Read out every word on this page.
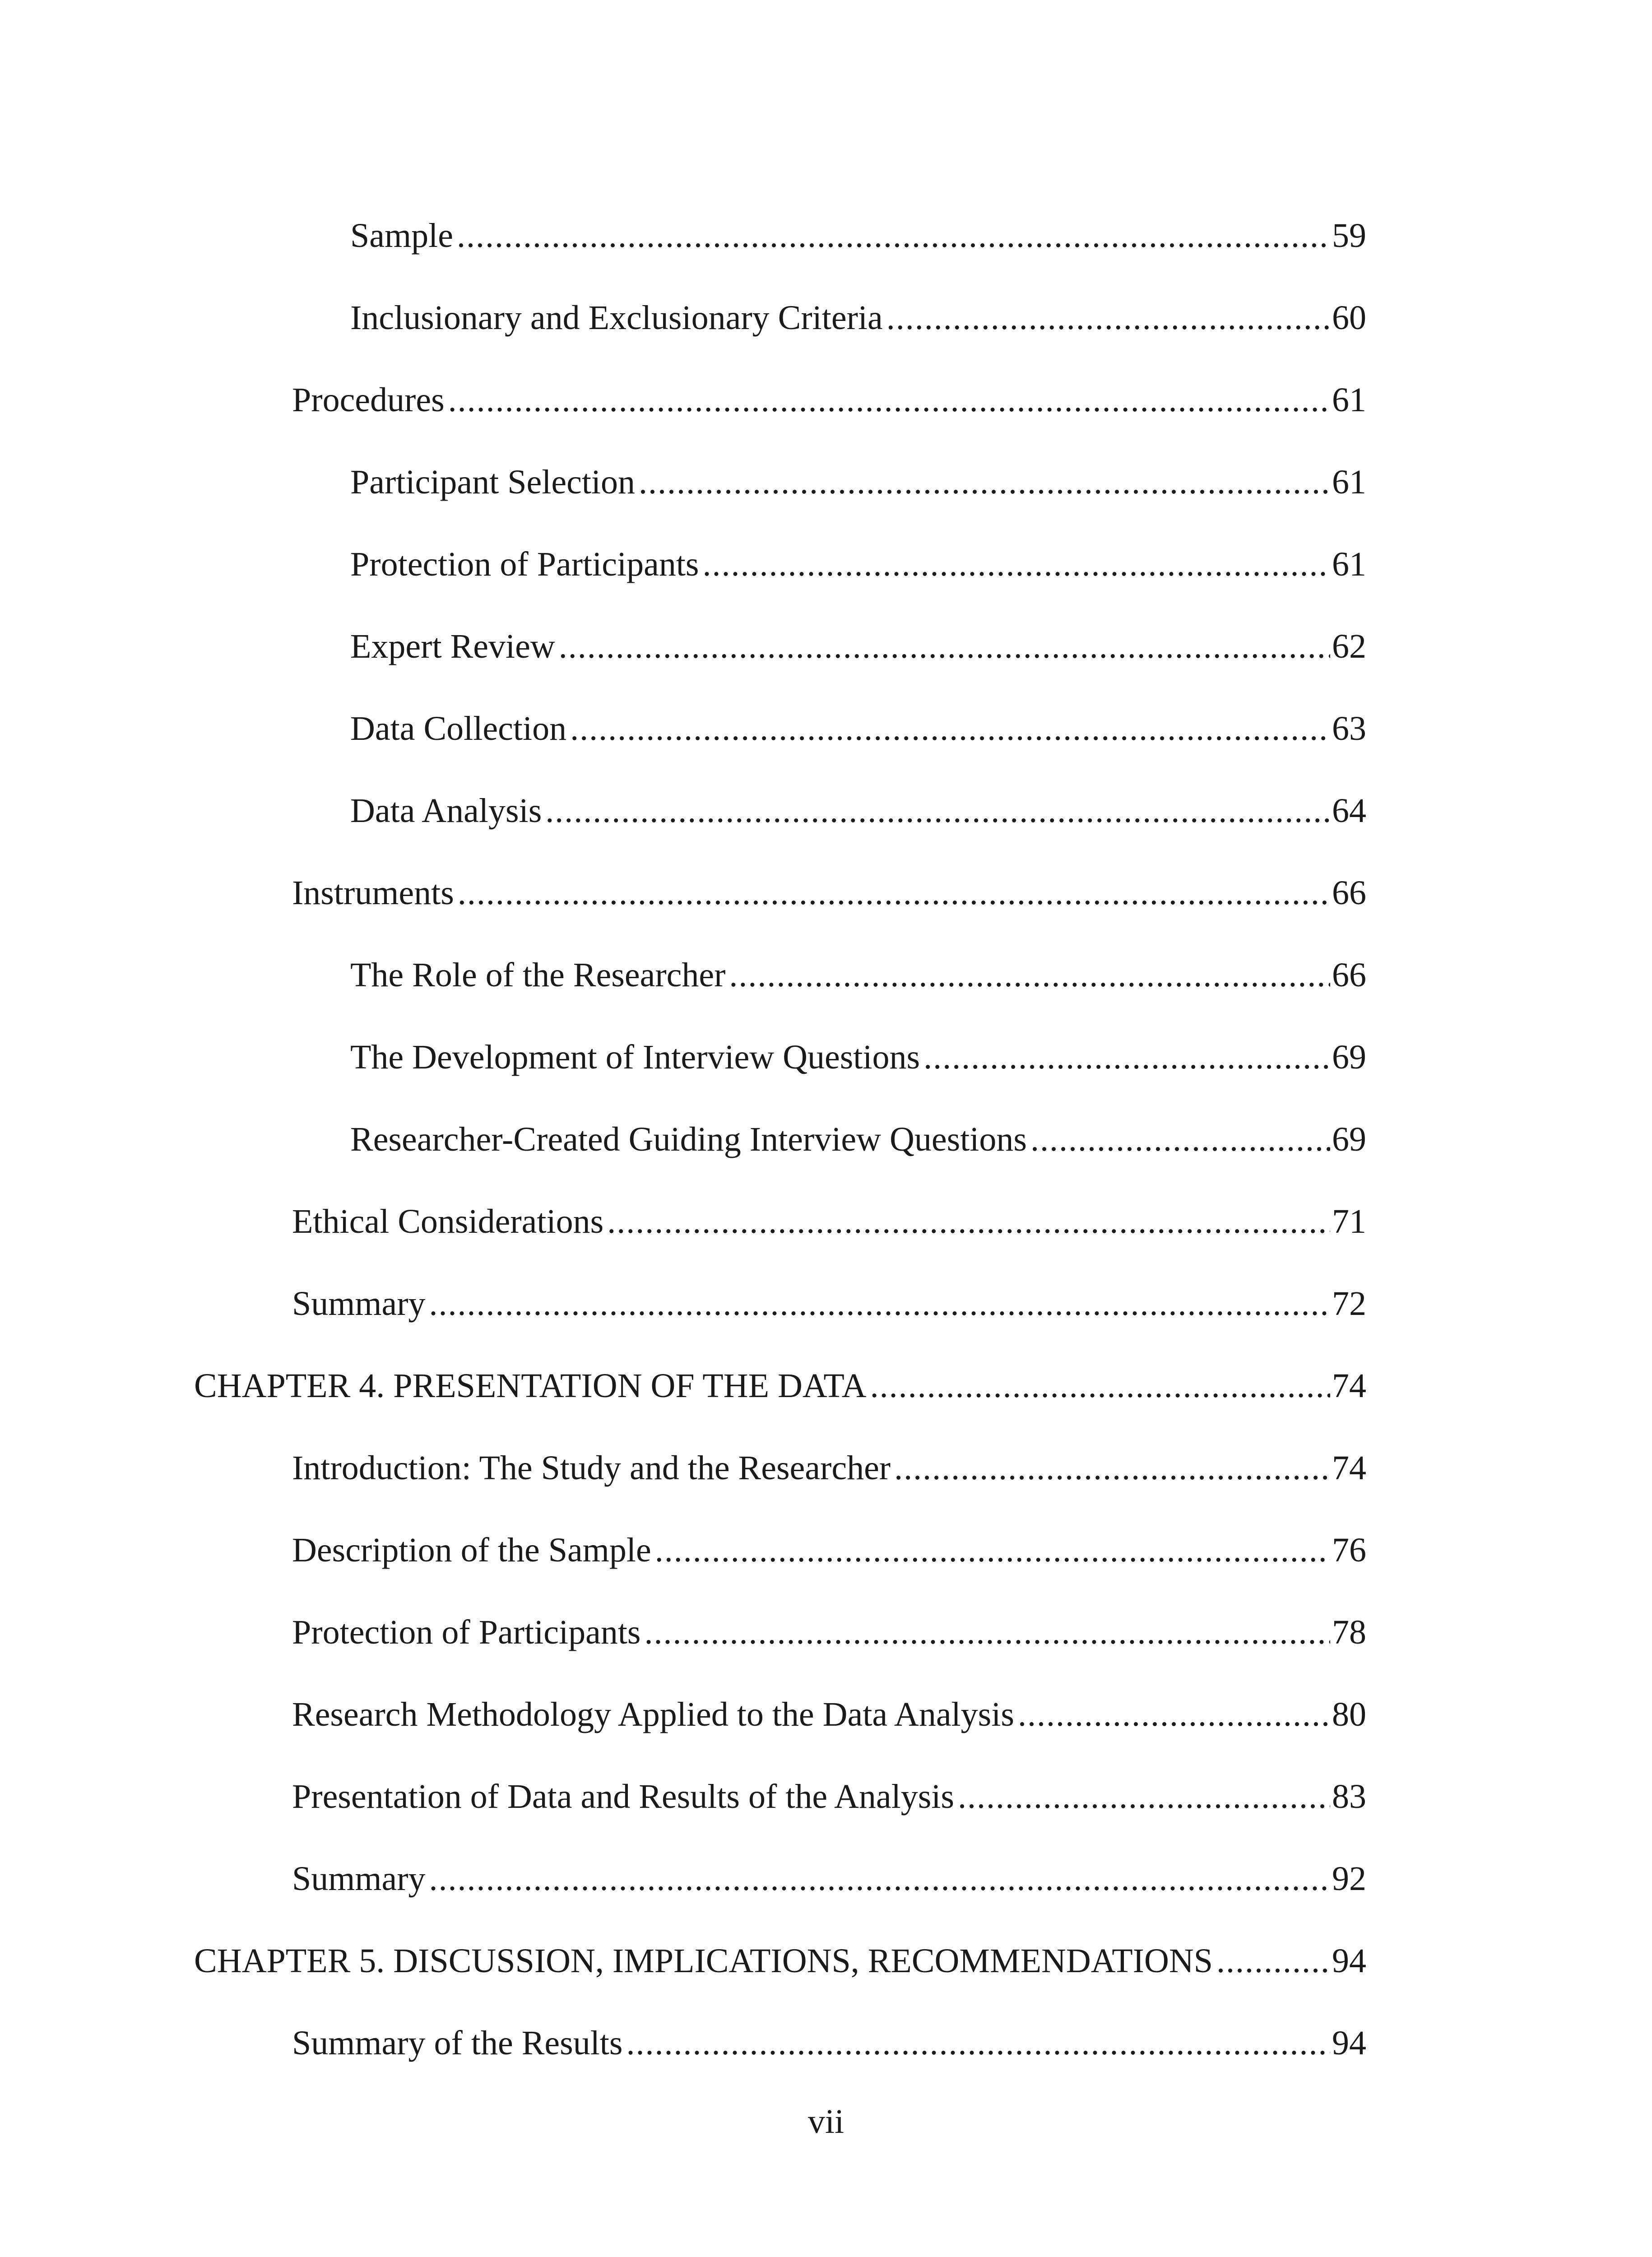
Sample .....	59
Inclusionary and Exclusionary Criteria .....	60
Procedures .....	61
Participant Selection .....	61
Protection of Participants .....	61
Expert Review .....	62
Data Collection .....	63
Data Analysis .....	64
Instruments .....	66
The Role of the Researcher .....	66
The Development of Interview Questions .....	69
Researcher-Created Guiding Interview Questions .....	69
Ethical Considerations .....	71
Summary .....	72
CHAPTER 4. PRESENTATION OF THE DATA .....	74
Introduction: The Study and the Researcher .....	74
Description of the Sample .....	76
Protection of Participants .....	78
Research Methodology Applied to the Data Analysis .....	80
Presentation of Data and Results of the Analysis .....	83
Summary .....	92
CHAPTER 5. DISCUSSION, IMPLICATIONS, RECOMMENDATIONS .....	94
Summary of the Results .....	94
vii
